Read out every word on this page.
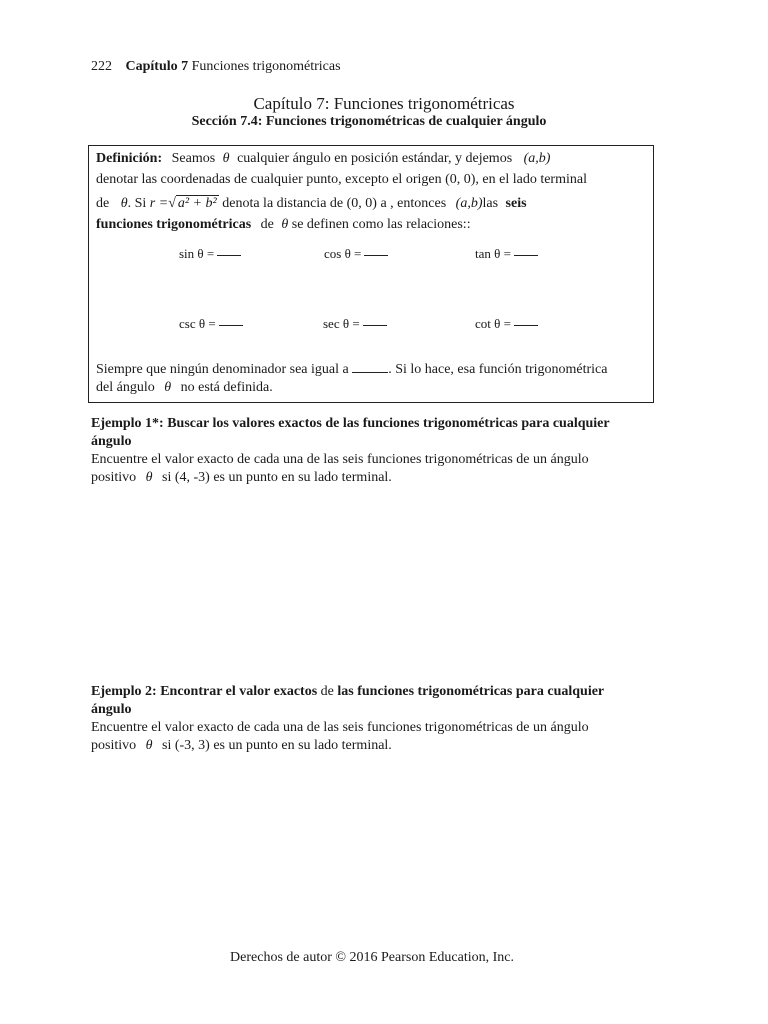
222 Capítulo 7 Funciones trigonométricas
Capítulo 7: Funciones trigonométricas
Sección 7.4: Funciones trigonométricas de cualquier ángulo
Definición: Seamos θ cualquier ángulo en posición estándar, y dejemos (a,b)
denotar las coordenadas de cualquier punto, excepto el origen (0, 0), en el lado terminal
de θ. Si r =√ a² + b² denota la distancia de (0, 0) a , entonces (a,b)las seis
funciones trigonométricas de θ se definen como las relaciones::
sin θ =	cos θ =	tan θ =
csc θ =	sec θ =	cot θ =
Siempre que ningún denominador sea igual a	. Si lo hace, esa función trigonométrica
del ángulo θ no está definida.
Ejemplo 1*: Buscar los valores exactos de las funciones trigonométricas para cualquier
ángulo
Encuentre el valor exacto de cada una de las seis funciones trigonométricas de un ángulo
positivo θ si (4, -3) es un punto en su lado terminal.
Ejemplo 2: Encontrar el valor exactos de las funciones trigonométricas para cualquier
ángulo
Encuentre el valor exacto de cada una de las seis funciones trigonométricas de un ángulo
positivo θ si (-3, 3) es un punto en su lado terminal.
Derechos de autor © 2016 Pearson Education, Inc.
